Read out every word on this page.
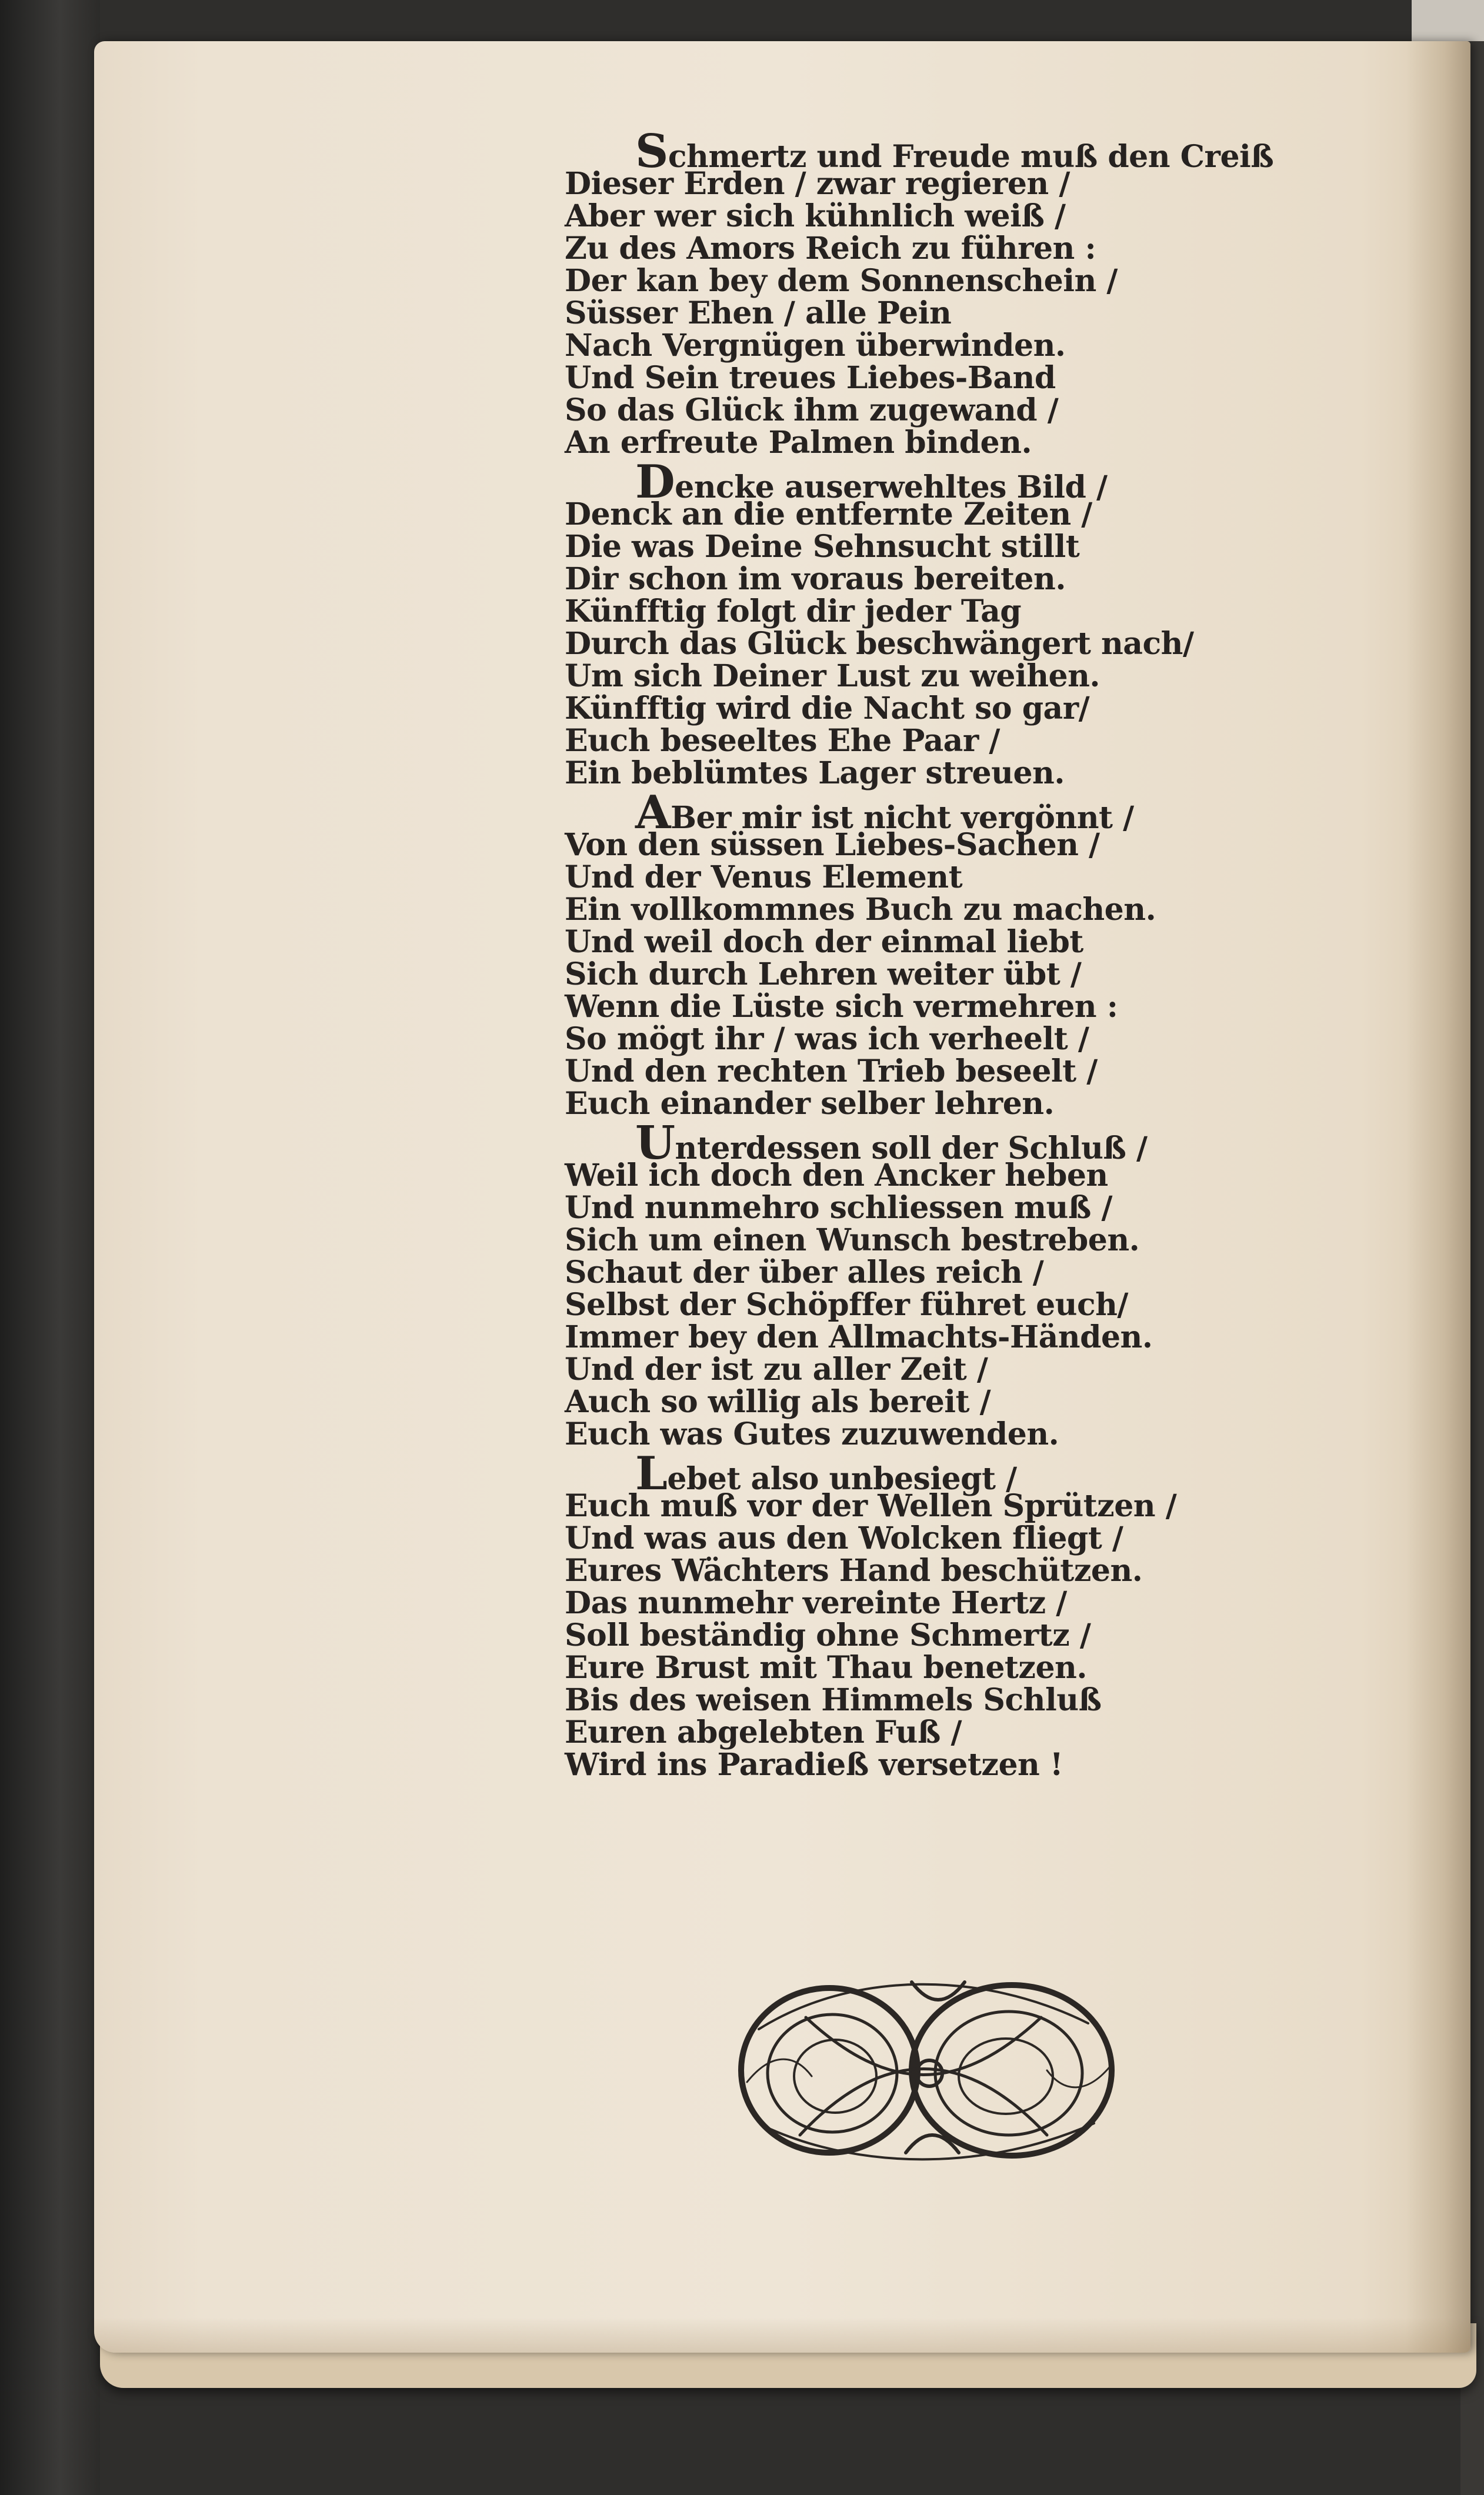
Schmertz und Freude muß den Creiß
Dieser Erden / zwar regieren /
Aber wer sich kühnlich weiß /
Zu des Amors Reich zu führen :
Der kan bey dem Sonnenschein /
Süsser Ehen / alle Pein
Nach Vergnügen überwinden.
Und Sein treues Liebes-Band
So das Glück ihm zugewand /
An erfreute Palmen binden.
Dencke auserwehltes Bild /
Denck an die entfernte Zeiten /
Die was Deine Sehnsucht stillt
Dir schon im voraus bereiten.
Künfftig folgt dir jeder Tag
Durch das Glück beschwängert nach/
Um sich Deiner Lust zu weihen.
Künfftig wird die Nacht so gar/
Euch beseeltes Ehe Paar /
Ein beblümtes Lager streuen.
ABer mir ist nicht vergönnt /
Von den süssen Liebes-Sachen /
Und der Venus Element
Ein vollkommnes Buch zu machen.
Und weil doch der einmal liebt
Sich durch Lehren weiter übt /
Wenn die Lüste sich vermehren :
So mögt ihr / was ich verheelt /
Und den rechten Trieb beseelt /
Euch einander selber lehren.
Unterdessen soll der Schluß /
Weil ich doch den Ancker heben
Und nunmehro schliessen muß /
Sich um einen Wunsch bestreben.
Schaut der über alles reich /
Selbst der Schöpffer führet euch/
Immer bey den Allmachts-Händen.
Und der ist zu aller Zeit /
Auch so willig als bereit /
Euch was Gutes zuzuwenden.
Lebet also unbesiegt /
Euch muß vor der Wellen Sprützen /
Und was aus den Wolcken fliegt /
Eures Wächters Hand beschützen.
Das nunmehr vereinte Hertz /
Soll beständig ohne Schmertz /
Eure Brust mit Thau benetzen.
Bis des weisen Himmels Schluß
Euren abgelebten Fuß /
Wird ins Paradieß versetzen !
